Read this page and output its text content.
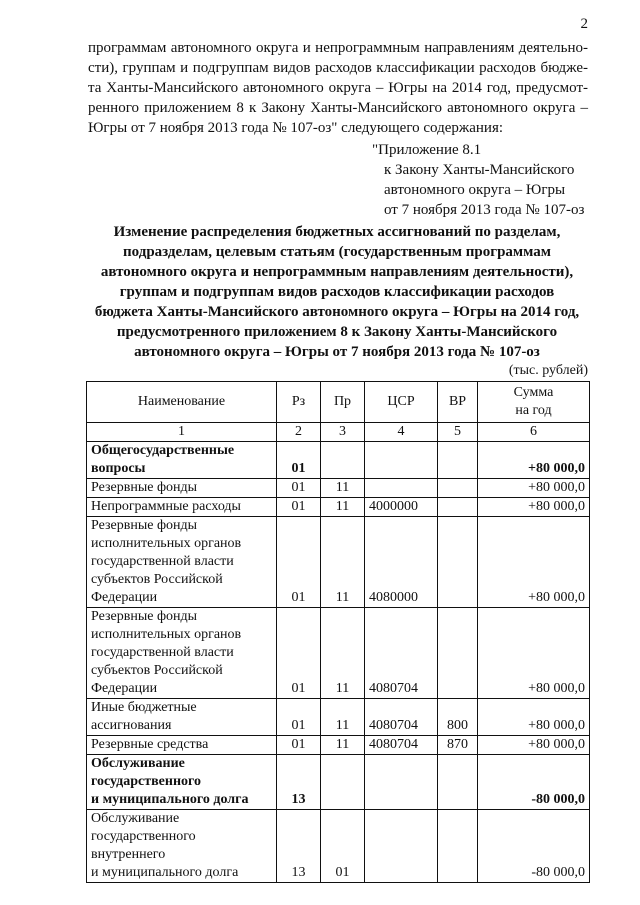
2

программам автономного округа и непрограммным направлениям деятельно-
сти), группам и подгруппам видов расходов классификации расходов бюдже-
та Ханты-Мансийского автономного округа – Югры на 2014 год, предусмот-
ренного приложением 8 к Закону Ханты-Мансийского автономного округа –
Югры от 7 ноября 2013 года № 107-оз" следующего содержания:

"Приложение 8.1
к Закону Ханты-Мансийского
автономного округа – Югры
от 7 ноября 2013 года № 107-оз
Изменение распределения бюджетных ассигнований по разделам,
подразделам, целевым статьям (государственным программам
автономного округа и непрограммным направлениям деятельности),
группам и подгруппам видов расходов классификации расходов
бюджета Ханты-Мансийского автономного округа – Югры на 2014 год,
предусмотренного приложением 8 к Закону Ханты-Мансийского
автономного округа – Югры от 7 ноября 2013 года № 107-оз
(тыс. рублей)
Наименование	Рз	Пр	ЦСР	ВР	Сумма
на год

1	2	3	4	5	6

Общегосударственные
вопросы	01				+80 000,0

Резервные фонды	01	11			+80 000,0

Непрограммные расходы	01	11	4000000		+80 000,0

Резервные фонды
исполнительных органов
государственной власти
субъектов Российской
Федерации	01	11	4080000		+80 000,0

Резервные фонды
исполнительных органов
государственной власти
субъектов Российской
Федерации	01	11	4080704		+80 000,0

Иные бюджетные
ассигнования	01	11	4080704	800	+80 000,0

Резервные средства	01	11	4080704	870	+80 000,0

Обслуживание
государственного
и муниципального долга	13				-80 000,0

Обслуживание
государственного внутреннего
и муниципального долга	13	01			-80 000,0
